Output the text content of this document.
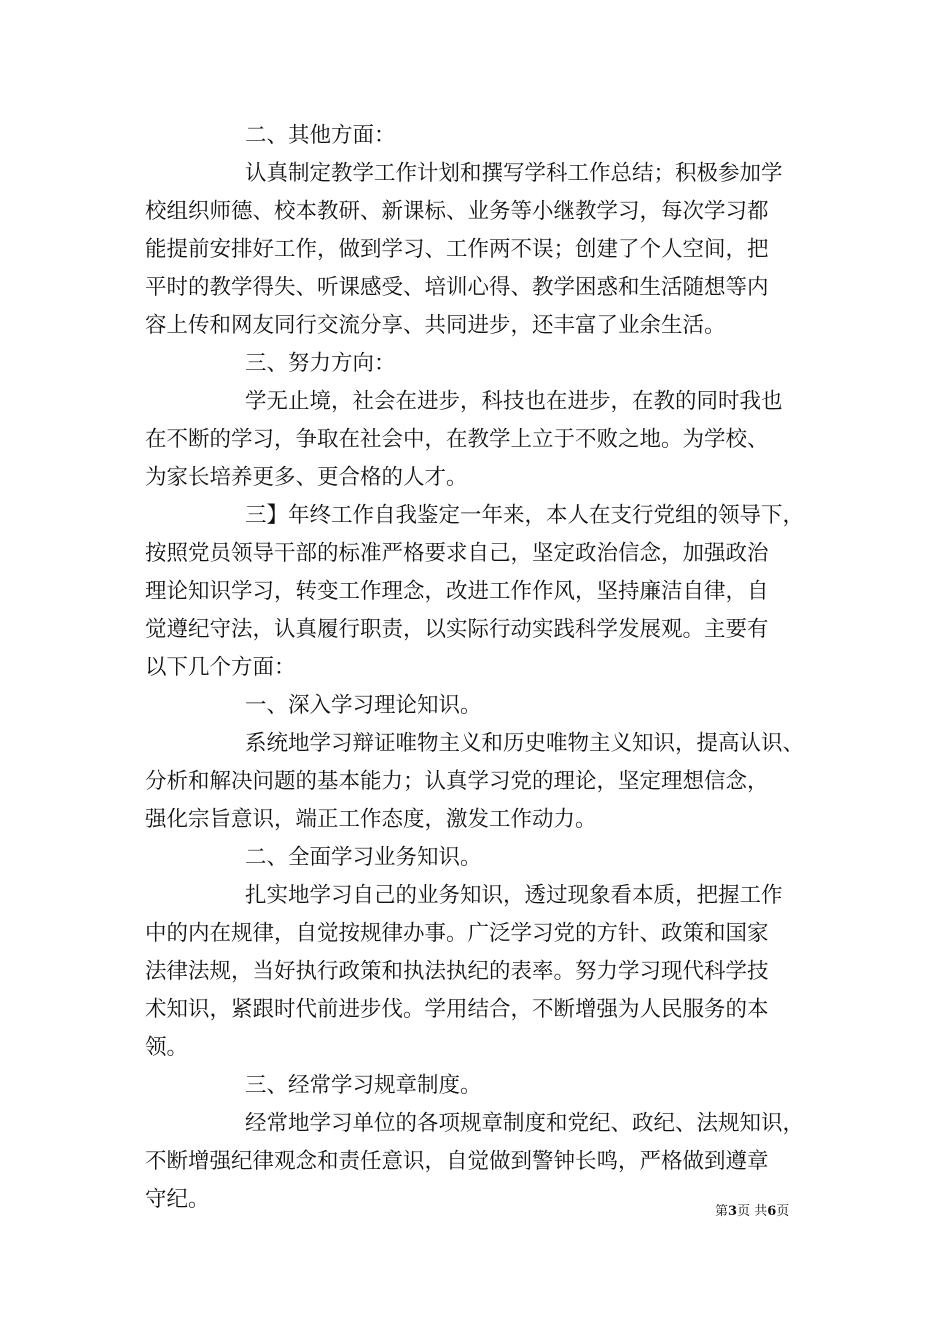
二、其他方面：
认真制定教学工作计划和撰写学科工作总结；积极参加学
校组织师德、校本教研、新课标、业务等小继教学习，每次学习都
能提前安排好工作，做到学习、工作两不误；创建了个人空间，把
平时的教学得失、听课感受、培训心得、教学困惑和生活随想等内
容上传和网友同行交流分享、共同进步，还丰富了业余生活。
三、努力方向：
学无止境，社会在进步，科技也在进步，在教的同时我也
在不断的学习，争取在社会中，在教学上立于不败之地。为学校、
为家长培养更多、更合格的人才。
三】年终工作自我鉴定一年来，本人在支行党组的领导下，
按照党员领导干部的标准严格要求自己，坚定政治信念，加强政治
理论知识学习，转变工作理念，改进工作作风，坚持廉洁自律，自
觉遵纪守法，认真履行职责，以实际行动实践科学发展观。主要有
以下几个方面：
一、深入学习理论知识。
系统地学习辩证唯物主义和历史唯物主义知识，提高认识、
分析和解决问题的基本能力；认真学习党的理论，坚定理想信念，
强化宗旨意识，端正工作态度，激发工作动力。
二、全面学习业务知识。
扎实地学习自己的业务知识，透过现象看本质，把握工作
中的内在规律，自觉按规律办事。广泛学习党的方针、政策和国家
法律法规，当好执行政策和执法执纪的表率。努力学习现代科学技
术知识，紧跟时代前进步伐。学用结合，不断增强为人民服务的本
领。
三、经常学习规章制度。
经常地学习单位的各项规章制度和党纪、政纪、法规知识，
不断增强纪律观念和责任意识，自觉做到警钟长鸣，严格做到遵章
守纪。	第3页 共6页
